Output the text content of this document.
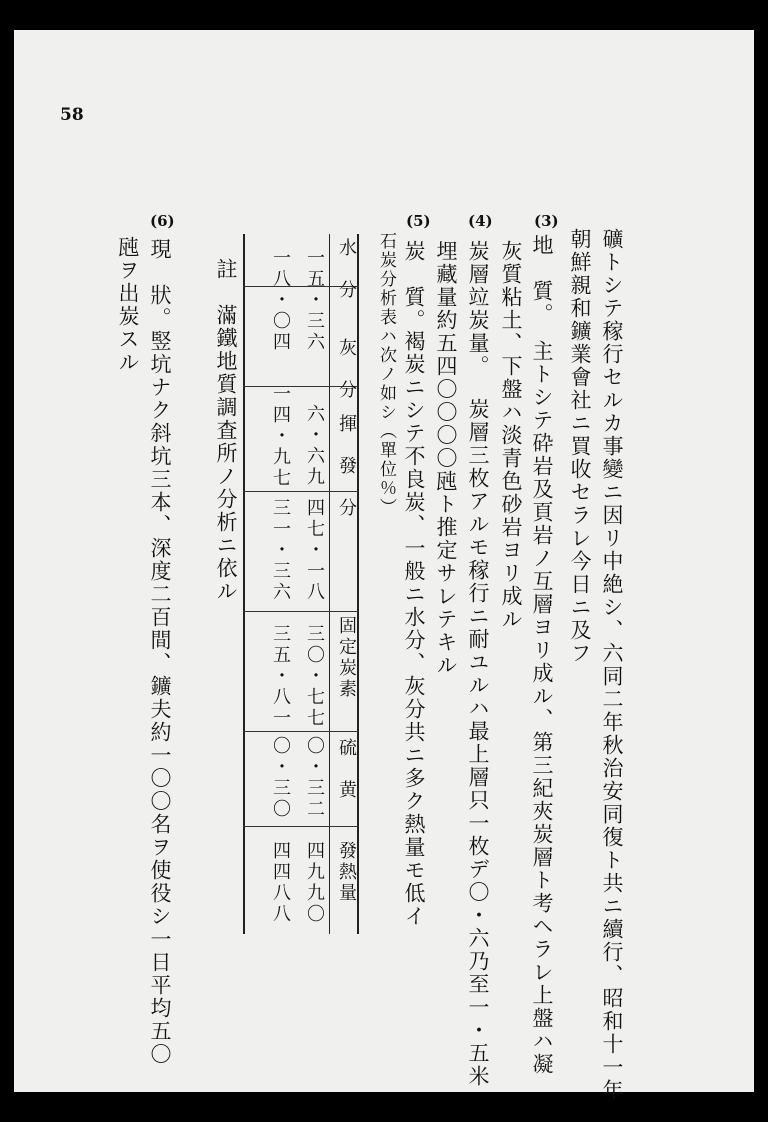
58
礦トシテ稼行セルカ事變ニ因リ中絶シ、六同二年秋治安同復ト共ニ續行、昭和十一年
朝鮮親和鑛業會社ニ買收セラレ今日ニ及フ
(3)
地　質。
主トシテ砕岩及頁岩ノ互層ヨリ成ル、第三紀夾炭層ト考ヘラレ上盤ハ凝
灰質粘土、下盤ハ淡青色砂岩ヨリ成ル
(4)
炭層竝炭量。
炭層三枚アルモ稼行ニ耐ユルハ最上層只一枚デ〇・六乃至一・五米
埋藏量約五四〇〇〇〇瓲ト推定サレテキル
(5)
炭　質。
褐炭ニシテ不良炭、一般ニ水分、灰分共ニ多ク熱量モ低イ
石炭分析表ハ次ノ如シ（單位％）
水　分
灰　分
揮　發　分
固定炭素
硫　黄
發熱量
一五・三六
六・六九
四七・一八
三〇・七七
〇・三二
四九九〇
一八・〇四
一四・九七
三一・三六
三五・八一
〇・三〇
四四八八
註　滿鐵地質調査所ノ分析ニ依ル
(6)
現　狀。
竪坑ナク斜坑三本、深度二百間、鑛夫約一〇〇名ヲ使役シ一日平均五〇
瓲ヲ出炭スル
